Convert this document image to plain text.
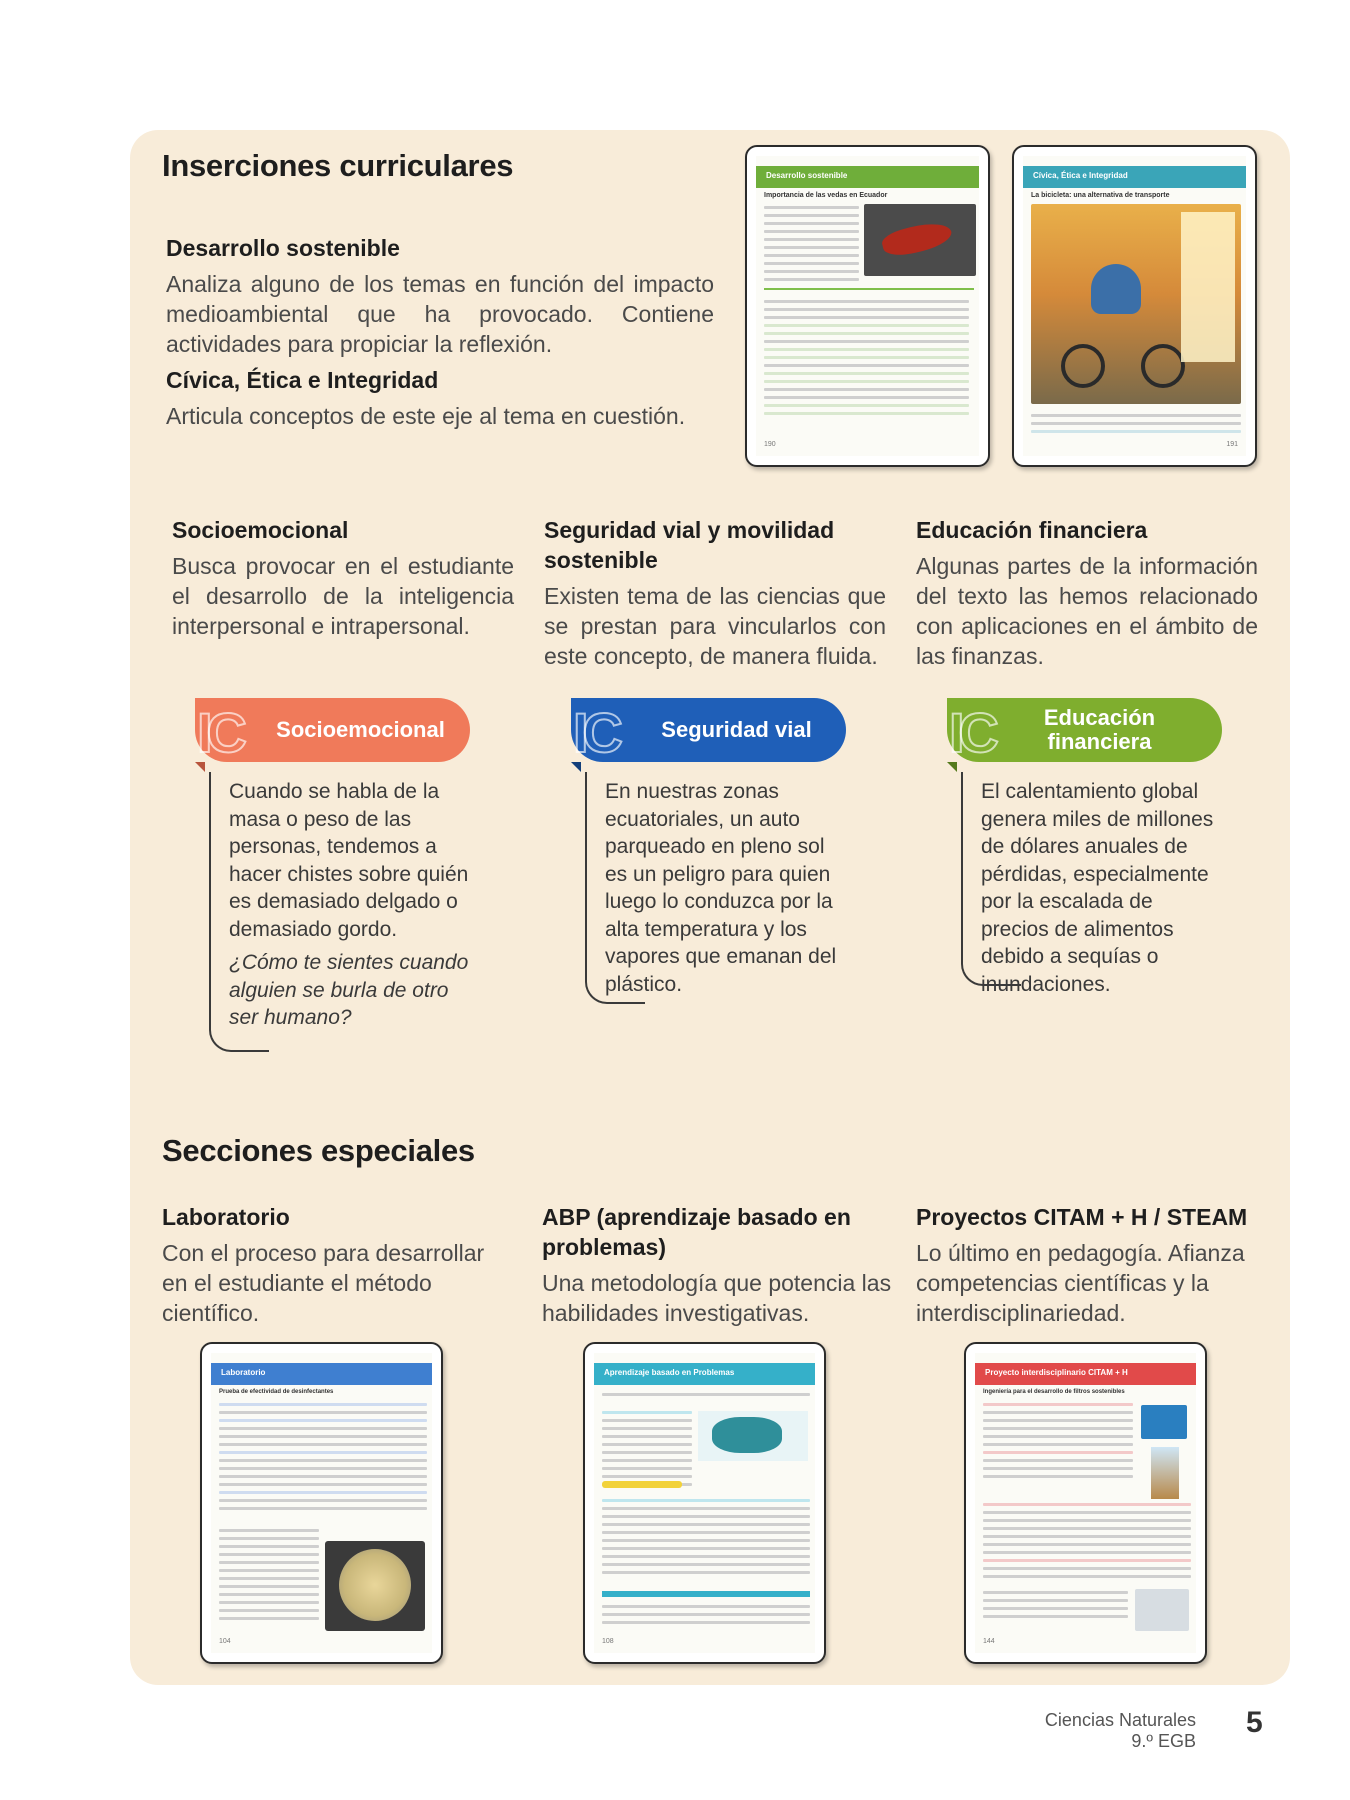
Inserciones curriculares
Desarrollo sostenible
Analiza alguno de los temas en función del impacto medioambiental que ha provocado. Contiene actividades para propiciar la reflexión.
Cívica, Ética e Integridad
Articula conceptos de este eje al tema en cuestión.
Desarrollo sostenible
Importancia de las vedas en Ecuador
190
Cívica, Ética e Integridad
La bicicleta: una alternativa de transporte
191
Socioemocional
Busca provocar en el estudiante el desarrollo de la inteligencia interpersonal e intrapersonal.
Seguridad vial y movilidad sostenible
Existen tema de las ciencias que se prestan para vincularlos con este concepto, de manera fluida.
Educación financiera
Algunas partes de la información del texto las hemos relacionado con aplicaciones en el ámbito de las finanzas.
IC	Socioemocional
Cuando se habla de la masa o peso de las personas, tendemos a hacer chistes sobre quién es demasiado delgado o demasiado gordo.
¿Cómo te sientes cuando alguien se burla de otro ser humano?
IC	Seguridad vial
En nuestras zonas ecuatoriales, un auto parqueado en pleno sol es un peligro para quien luego lo conduzca por la alta temperatura y los vapores que emanan del plástico.
IC	Educación financiera
El calentamiento global genera miles de millones de dólares anuales de pérdidas, especialmente por la escalada de precios de alimentos debido a sequías o inundaciones.
Secciones especiales
Laboratorio
Con el proceso para desarrollar en el estudiante el método científico.
ABP (aprendizaje basado en problemas)
Una metodología que potencia las habilidades investigativas.
Proyectos CITAM + H / STEAM
Lo último en pedagogía. Afianza competencias científicas y la interdisciplinariedad.
Laboratorio
Prueba de efectividad de desinfectantes
104
Aprendizaje basado en Problemas
108
Proyecto interdisciplinario CITAM + H
Ingeniería para el desarrollo de filtros sostenibles
144
Ciencias Naturales
9.º EGB
5
